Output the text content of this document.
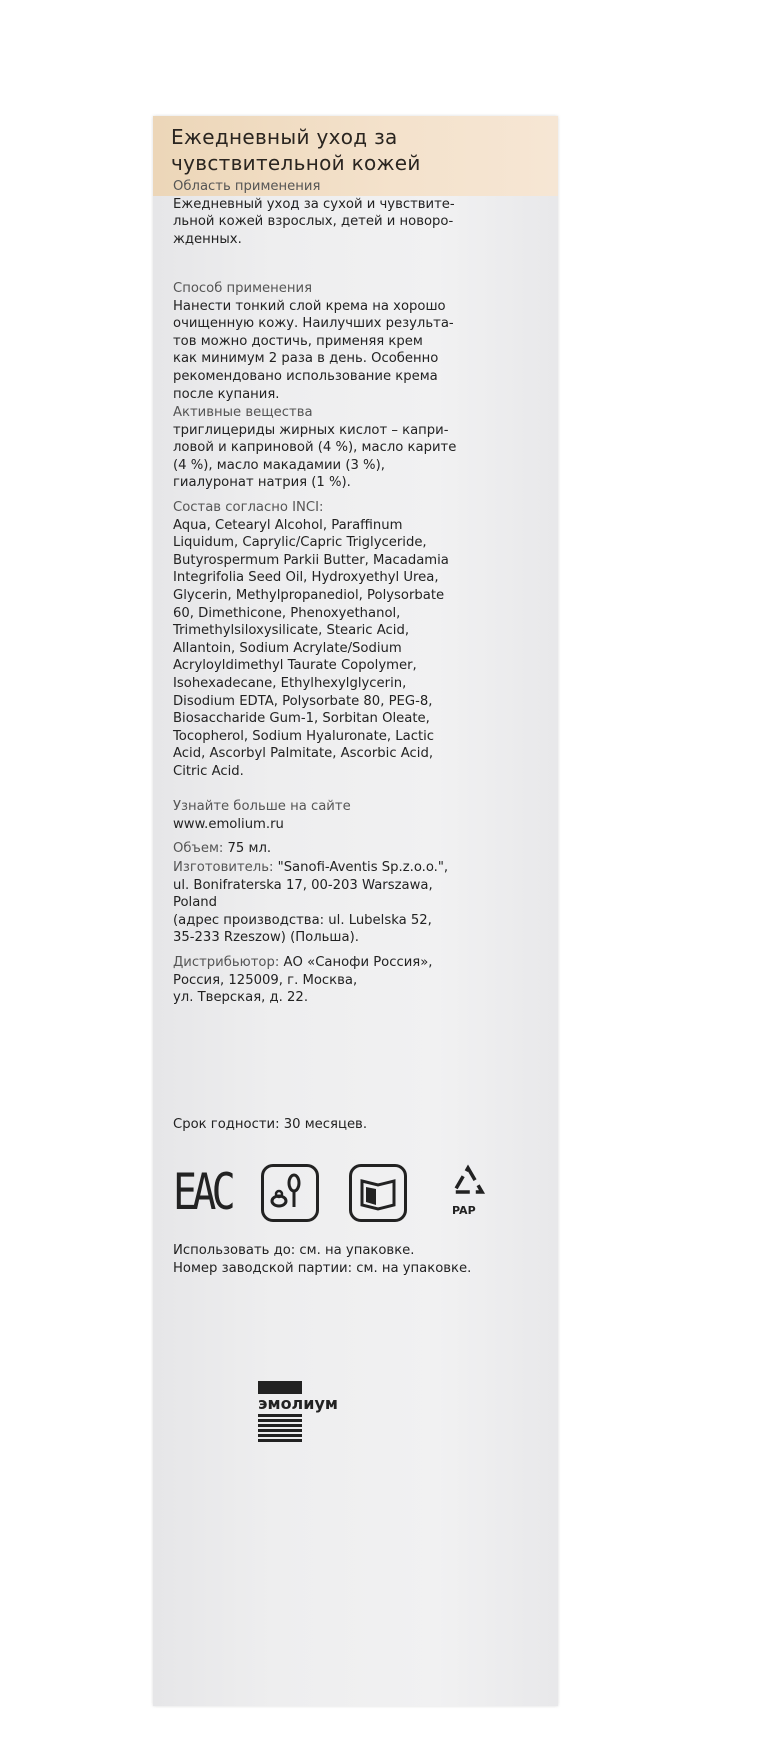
Ежедневный уход за
чувствительной кожей
Область применения
Ежедневный уход за сухой и чувствите-
льной кожей взрослых, детей и новоро-
жденных.
Способ применения
Нанести тонкий слой крема на хорошо
очищенную кожу. Наилучших результа-
тов можно достичь, применяя крем
как минимум 2 раза в день. Особенно
рекомендовано использование крема
после купания.
Активные вещества
триглицериды жирных кислот – капри-
ловой и каприновой (4 %), масло карите
(4 %), масло макадамии (3 %),
гиалуронат натрия (1 %).
Состав согласно INCI:
Aqua, Cetearyl Alcohol, Paraffinum
Liquidum, Caprylic/Capric Triglyceride,
Butyrospermum Parkii Butter, Macadamia
Integrifolia Seed Oil, Hydroxyethyl Urea,
Glycerin, Methylpropanediol, Polysorbate
60, Dimethicone, Phenoxyethanol,
Trimethylsiloxysilicate, Stearic Acid,
Allantoin, Sodium Acrylate/Sodium
Acryloyldimethyl Taurate Copolymer,
Isohexadecane, Ethylhexylglycerin,
Disodium EDTA, Polysorbate 80, PEG-8,
Biosaccharide Gum-1, Sorbitan Oleate,
Tocopherol, Sodium Hyaluronate, Lactic
Acid, Ascorbyl Palmitate, Ascorbic Acid,
Citric Acid.
Узнайте больше на сайте
www.emolium.ru
Объем: 75 мл.
Изготовитель: "Sanofi-Aventis Sp.z.o.o.",
ul. Bonifraterska 17, 00-203 Warszawa,
Poland
(адрес производства: ul. Lubelska 52,
35-233 Rzeszow) (Польша).
Дистрибьютор: АО «Санофи Россия»,
Россия, 125009, г. Москва,
ул. Тверская, д. 22.
Срок годности: 30 месяцев.
ЕАС	PAP
Использовать до: см. на упаковке.
Номер заводской партии: см. на упаковке.
эмолиум
